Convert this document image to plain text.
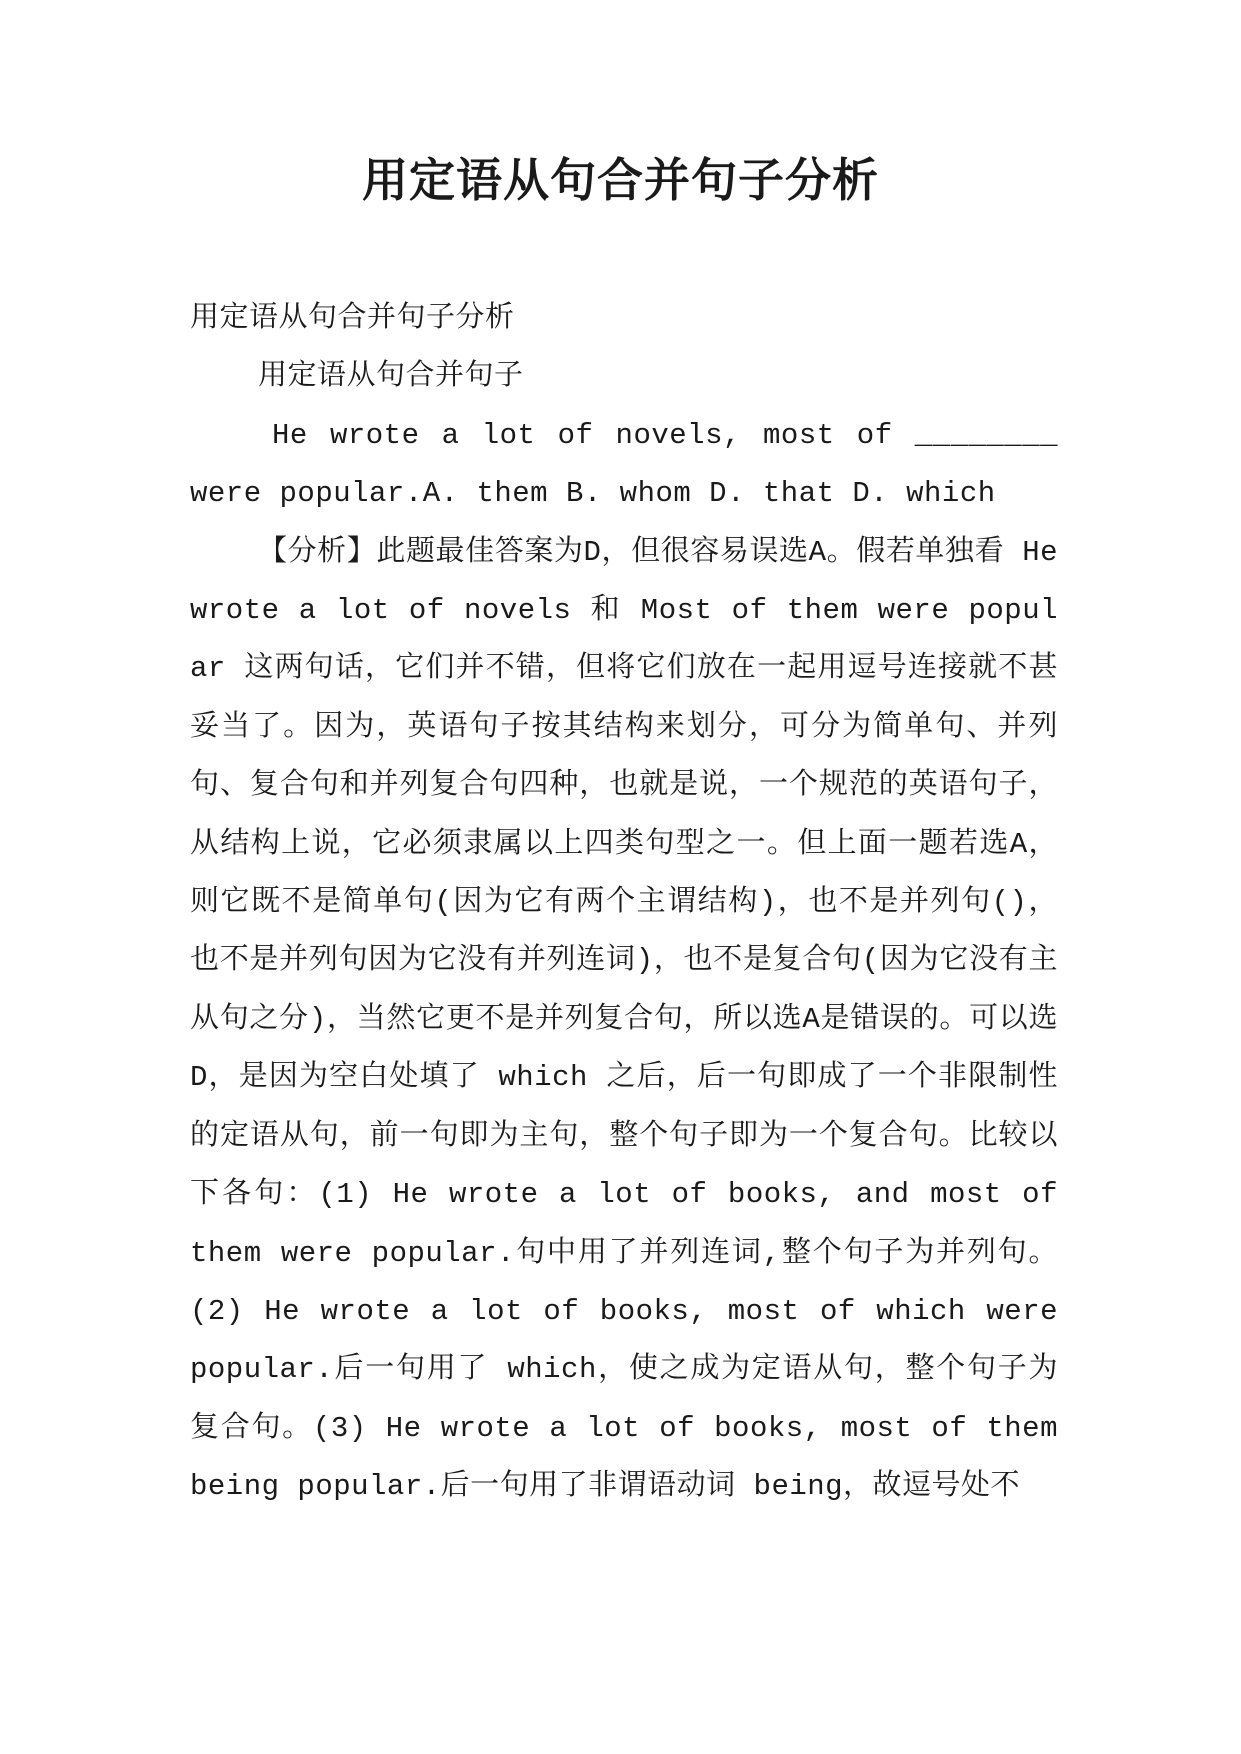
用定语从句合并句子分析

用定语从句合并句子分析

用定语从句合并句子

He wrote a lot of novels, most of ________

were popular.A. them B. whom D. that D. which

【分析】此题最佳答案为D，但很容易误选A。假若单独看 He wrote a lot of novels 和 Most of them were popular 这两句话，它们并不错，但将它们放在一起用逗号连接就不甚妥当了。因为，英语句子按其结构来划分，可分为简单句、并列句、复合句和并列复合句四种，也就是说，一个规范的英语句子，从结构上说，它必须隶属以上四类句型之一。但上面一题若选A，则它既不是简单句(因为它有两个主谓结构)，也不是并列句()，也不是并列句因为它没有并列连词)，也不是复合句(因为它没有主从句之分)，当然它更不是并列复合句，所以选A是错误的。可以选D，是因为空白处填了 which 之后，后一句即成了一个非限制性的定语从句，前一句即为主句，整个句子即为一个复合句。比较以下各句：(1) He wrote a lot of books, and most of them were popular.句中用了并列连词,整个句子为并列句。(2) He wrote a lot of books, most of which were popular.后一句用了 which，使之成为定语从句，整个句子为复合句。(3) He wrote a lot of books, most of them being popular.后一句用了非谓语动词 being，故逗号处不
